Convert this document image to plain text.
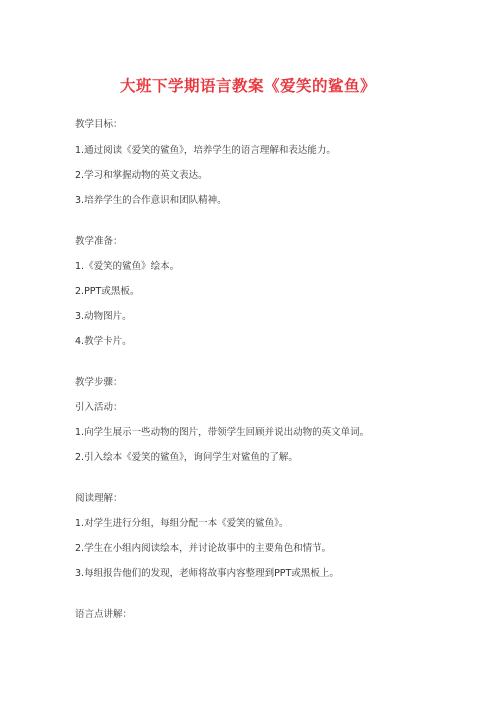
大班下学期语言教案《爱笑的鲨鱼》
教学目标：
1.通过阅读《爱笑的鲨鱼》，培养学生的语言理解和表达能力。
2.学习和掌握动物的英文表达。
3.培养学生的合作意识和团队精神。
教学准备：
1.《爱笑的鲨鱼》绘本。
2.PPT或黑板。
3.动物图片。
4.教学卡片。
教学步骤：
引入活动：
1.向学生展示一些动物的图片，带领学生回顾并说出动物的英文单词。
2.引入绘本《爱笑的鲨鱼》，询问学生对鲨鱼的了解。
阅读理解：
1.对学生进行分组，每组分配一本《爱笑的鲨鱼》。
2.学生在小组内阅读绘本，并讨论故事中的主要角色和情节。
3.每组报告他们的发现，老师将故事内容整理到PPT或黑板上。
语言点讲解：
